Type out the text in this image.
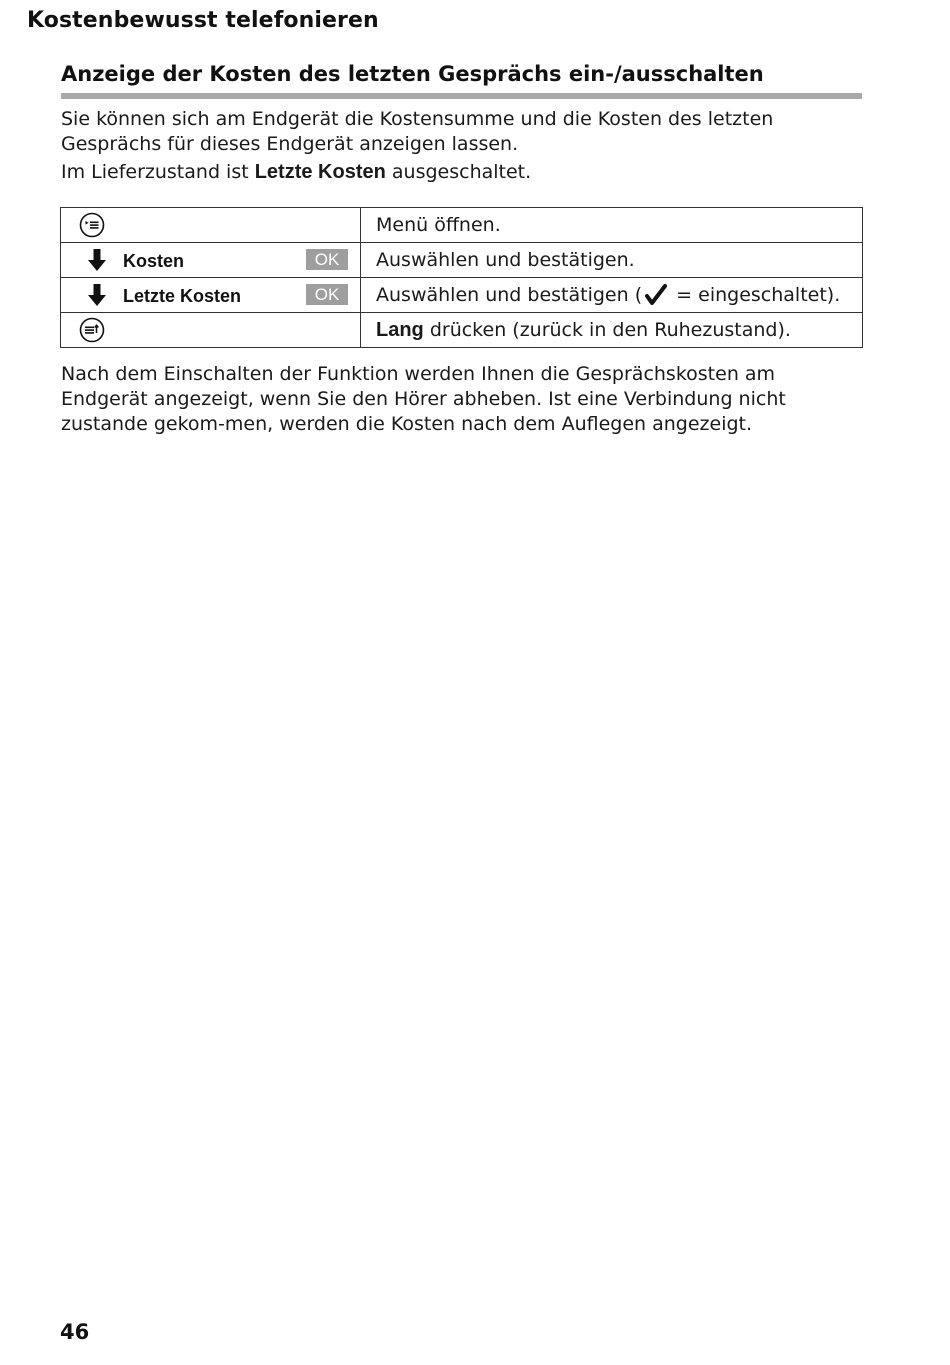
Kostenbewusst telefonieren
Anzeige der Kosten des letzten Gesprächs ein-/ausschalten
Sie können sich am Endgerät die Kostensumme und die Kosten des letzten Gesprächs für dieses Endgerät anzeigen lassen.
Im Lieferzustand ist Letzte Kosten ausgeschaltet.
	Menü öffnen.

Kosten OK	Auswählen und bestätigen.

Letzte Kosten OK	Auswählen und bestätigen ( = eingeschaltet).

	Lang drücken (zurück in den Ruhezustand).
Nach dem Einschalten der Funktion werden Ihnen die Gesprächskosten am Endgerät angezeigt, wenn Sie den Hörer abheben. Ist eine Verbindung nicht zustande gekom-men, werden die Kosten nach dem Auflegen angezeigt.
46
